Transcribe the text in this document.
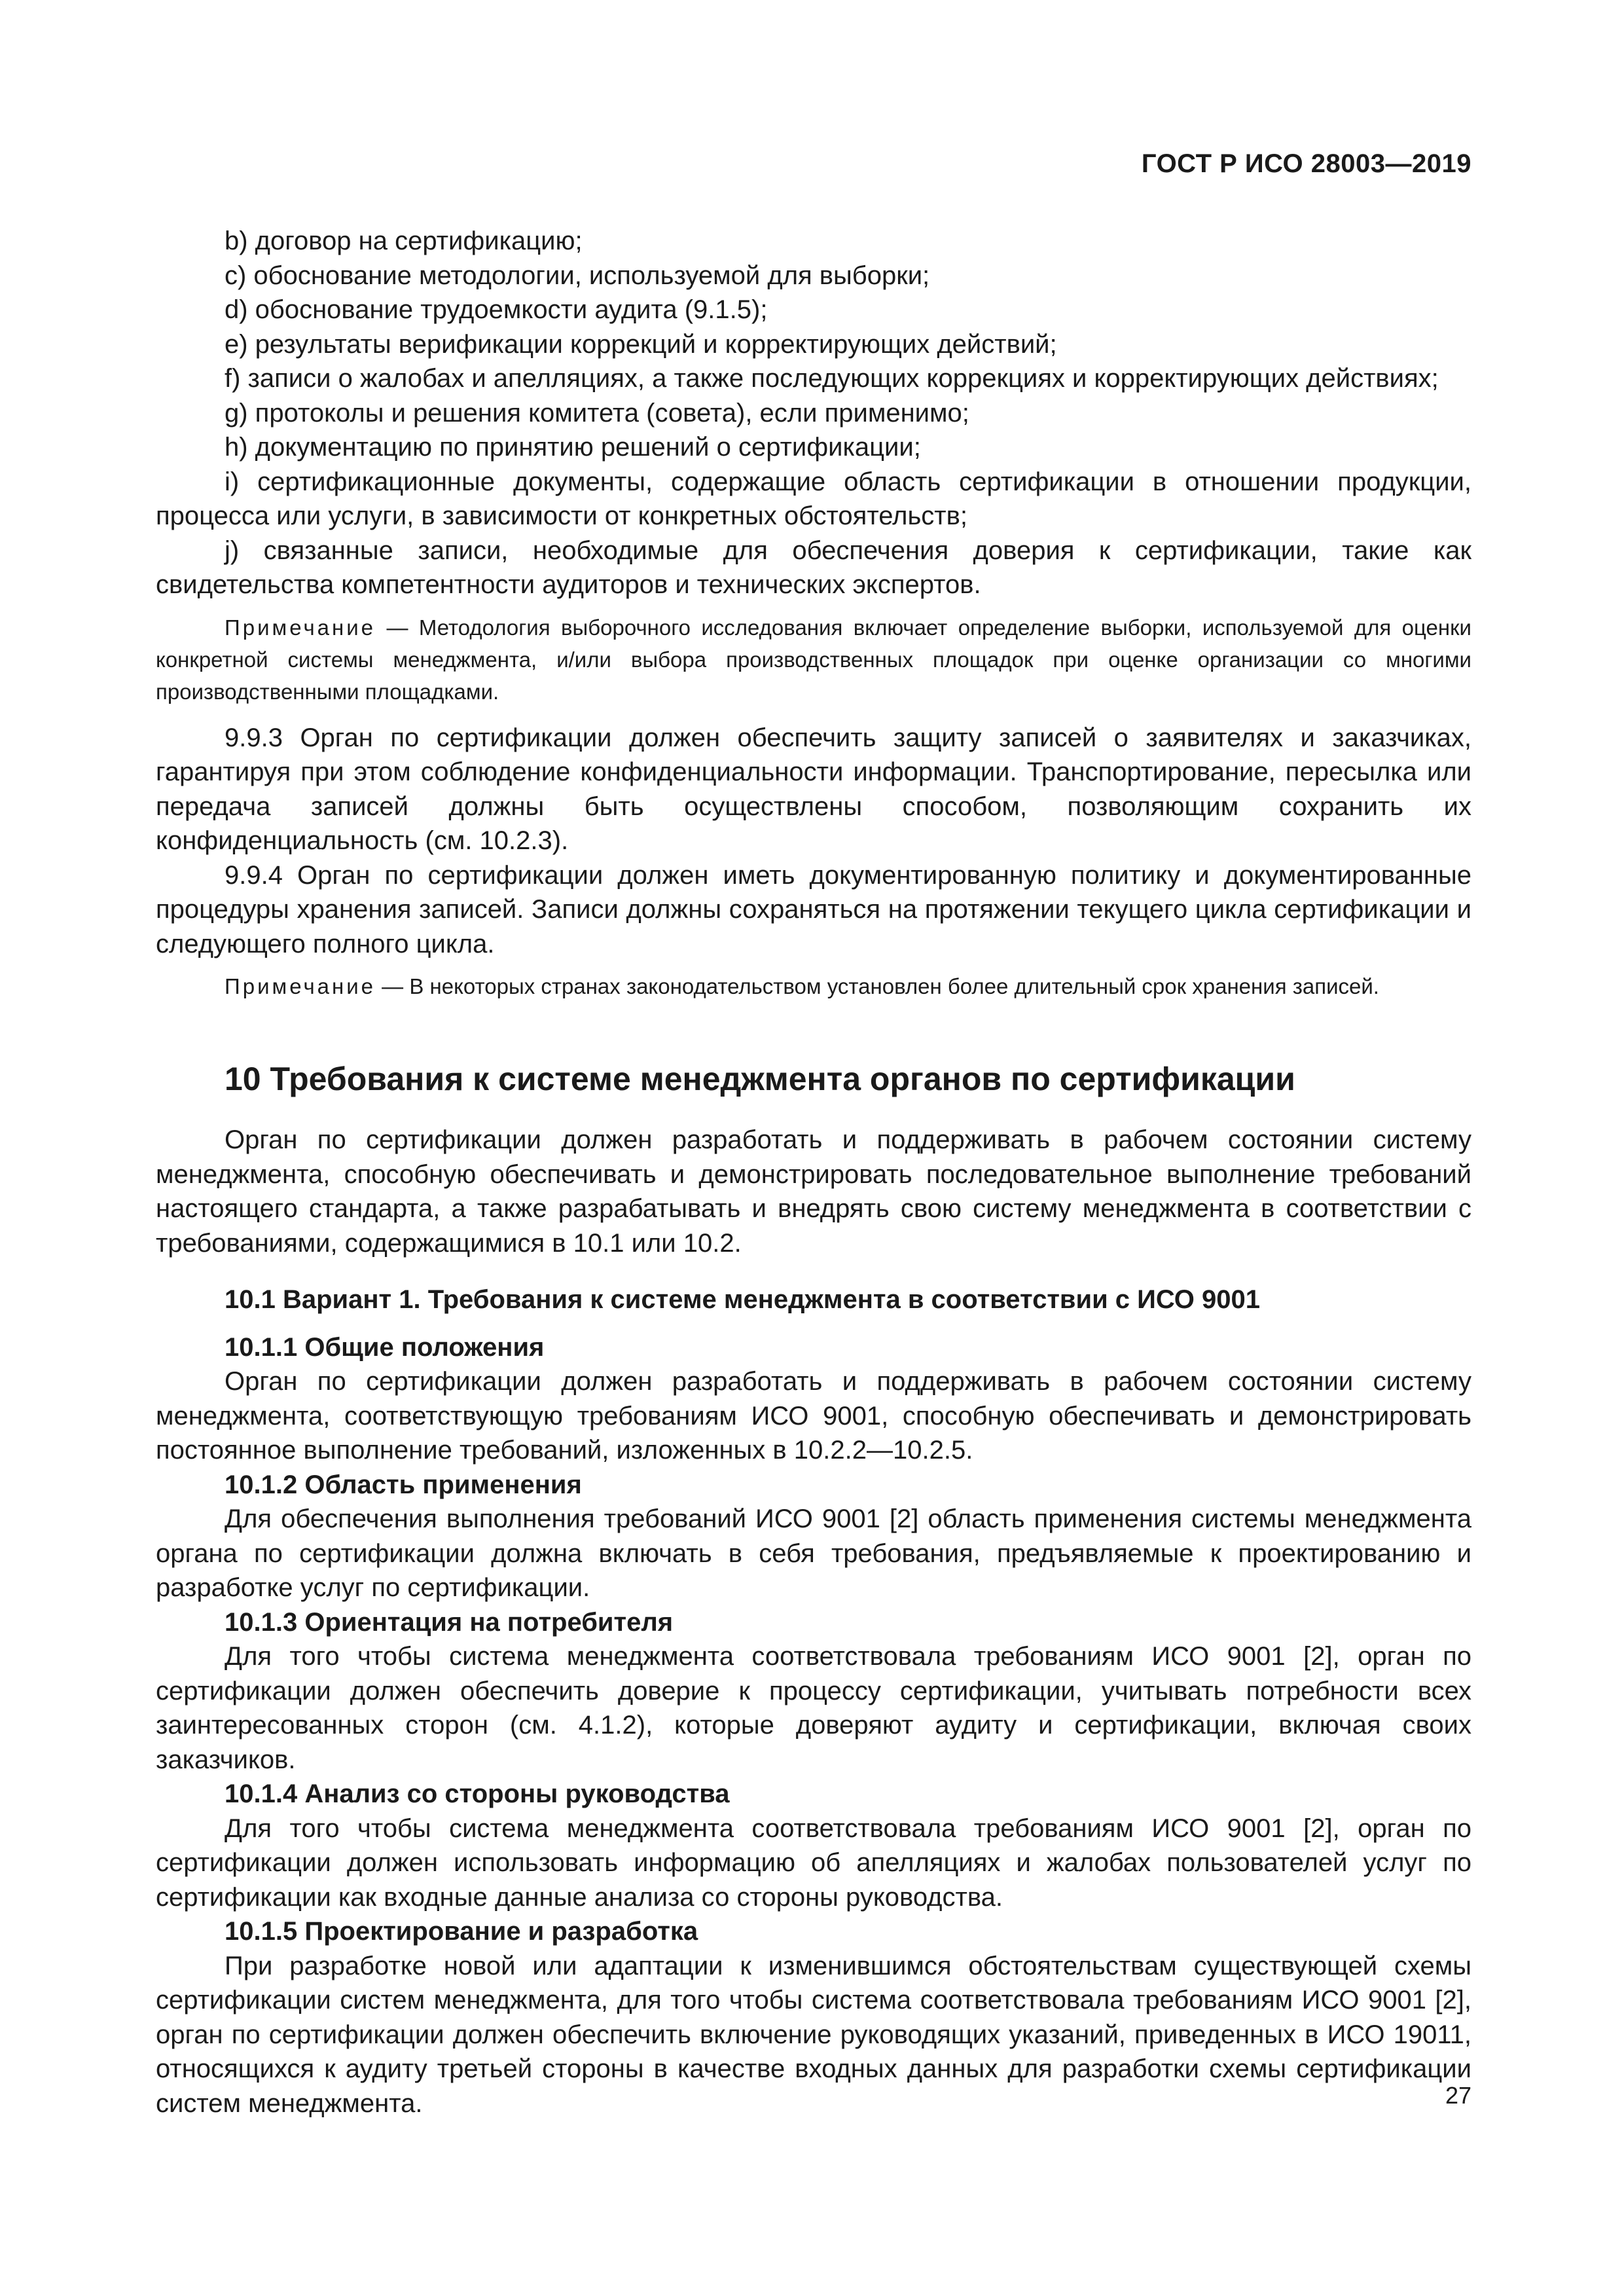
ГОСТ Р ИСО 28003—2019

b) договор на сертификацию;

c) обоснование методологии, используемой для выборки;

d) обоснование трудоемкости аудита (9.1.5);

e) результаты верификации коррекций и корректирующих действий;

f) записи о жалобах и апелляциях, а также последующих коррекциях и корректирующих действиях;

g) протоколы и решения комитета (совета), если применимо;

h) документацию по принятию решений о сертификации;

i) сертификационные документы, содержащие область сертификации в отношении продукции, процесса или услуги, в зависимости от конкретных обстоятельств;

j) связанные записи, необходимые для обеспечения доверия к сертификации, такие как свидетельства компетентности аудиторов и технических экспертов.

Примечание — Методология выборочного исследования включает определение выборки, используемой для оценки конкретной системы менеджмента, и/или выбора производственных площадок при оценке организации со многими производственными площадками.

9.9.3 Орган по сертификации должен обеспечить защиту записей о заявителях и заказчиках, гарантируя при этом соблюдение конфиденциальности информации. Транспортирование, пересылка или передача записей должны быть осуществлены способом, позволяющим сохранить их конфиденциальность (см. 10.2.3).

9.9.4 Орган по сертификации должен иметь документированную политику и документированные процедуры хранения записей. Записи должны сохраняться на протяжении текущего цикла сертификации и следующего полного цикла.

Примечание — В некоторых странах законодательством установлен более длительный срок хранения записей.

10 Требования к системе менеджмента органов по сертификации

Орган по сертификации должен разработать и поддерживать в рабочем состоянии систему менеджмента, способную обеспечивать и демонстрировать последовательное выполнение требований настоящего стандарта, а также разрабатывать и внедрять свою систему менеджмента в соответствии с требованиями, содержащимися в 10.1 или 10.2.

10.1 Вариант 1. Требования к системе менеджмента в соответствии с ИСО 9001

10.1.1 Общие положения

Орган по сертификации должен разработать и поддерживать в рабочем состоянии систему менеджмента, соответствующую требованиям ИСО 9001, способную обеспечивать и демонстрировать постоянное выполнение требований, изложенных в 10.2.2—10.2.5.

10.1.2 Область применения

Для обеспечения выполнения требований ИСО 9001 [2] область применения системы менеджмента органа по сертификации должна включать в себя требования, предъявляемые к проектированию и разработке услуг по сертификации.

10.1.3 Ориентация на потребителя

Для того чтобы система менеджмента соответствовала требованиям ИСО 9001 [2], орган по сертификации должен обеспечить доверие к процессу сертификации, учитывать потребности всех заинтересованных сторон (см. 4.1.2), которые доверяют аудиту и сертификации, включая своих заказчиков.

10.1.4 Анализ со стороны руководства

Для того чтобы система менеджмента соответствовала требованиям ИСО 9001 [2], орган по сертификации должен использовать информацию об апелляциях и жалобах пользователей услуг по сертификации как входные данные анализа со стороны руководства.

10.1.5 Проектирование и разработка

При разработке новой или адаптации к изменившимся обстоятельствам существующей схемы сертификации систем менеджмента, для того чтобы система соответствовала требованиям ИСО 9001 [2], орган по сертификации должен обеспечить включение руководящих указаний, приведенных в ИСО 19011, относящихся к аудиту третьей стороны в качестве входных данных для разработки схемы сертификации систем менеджмента.	27
